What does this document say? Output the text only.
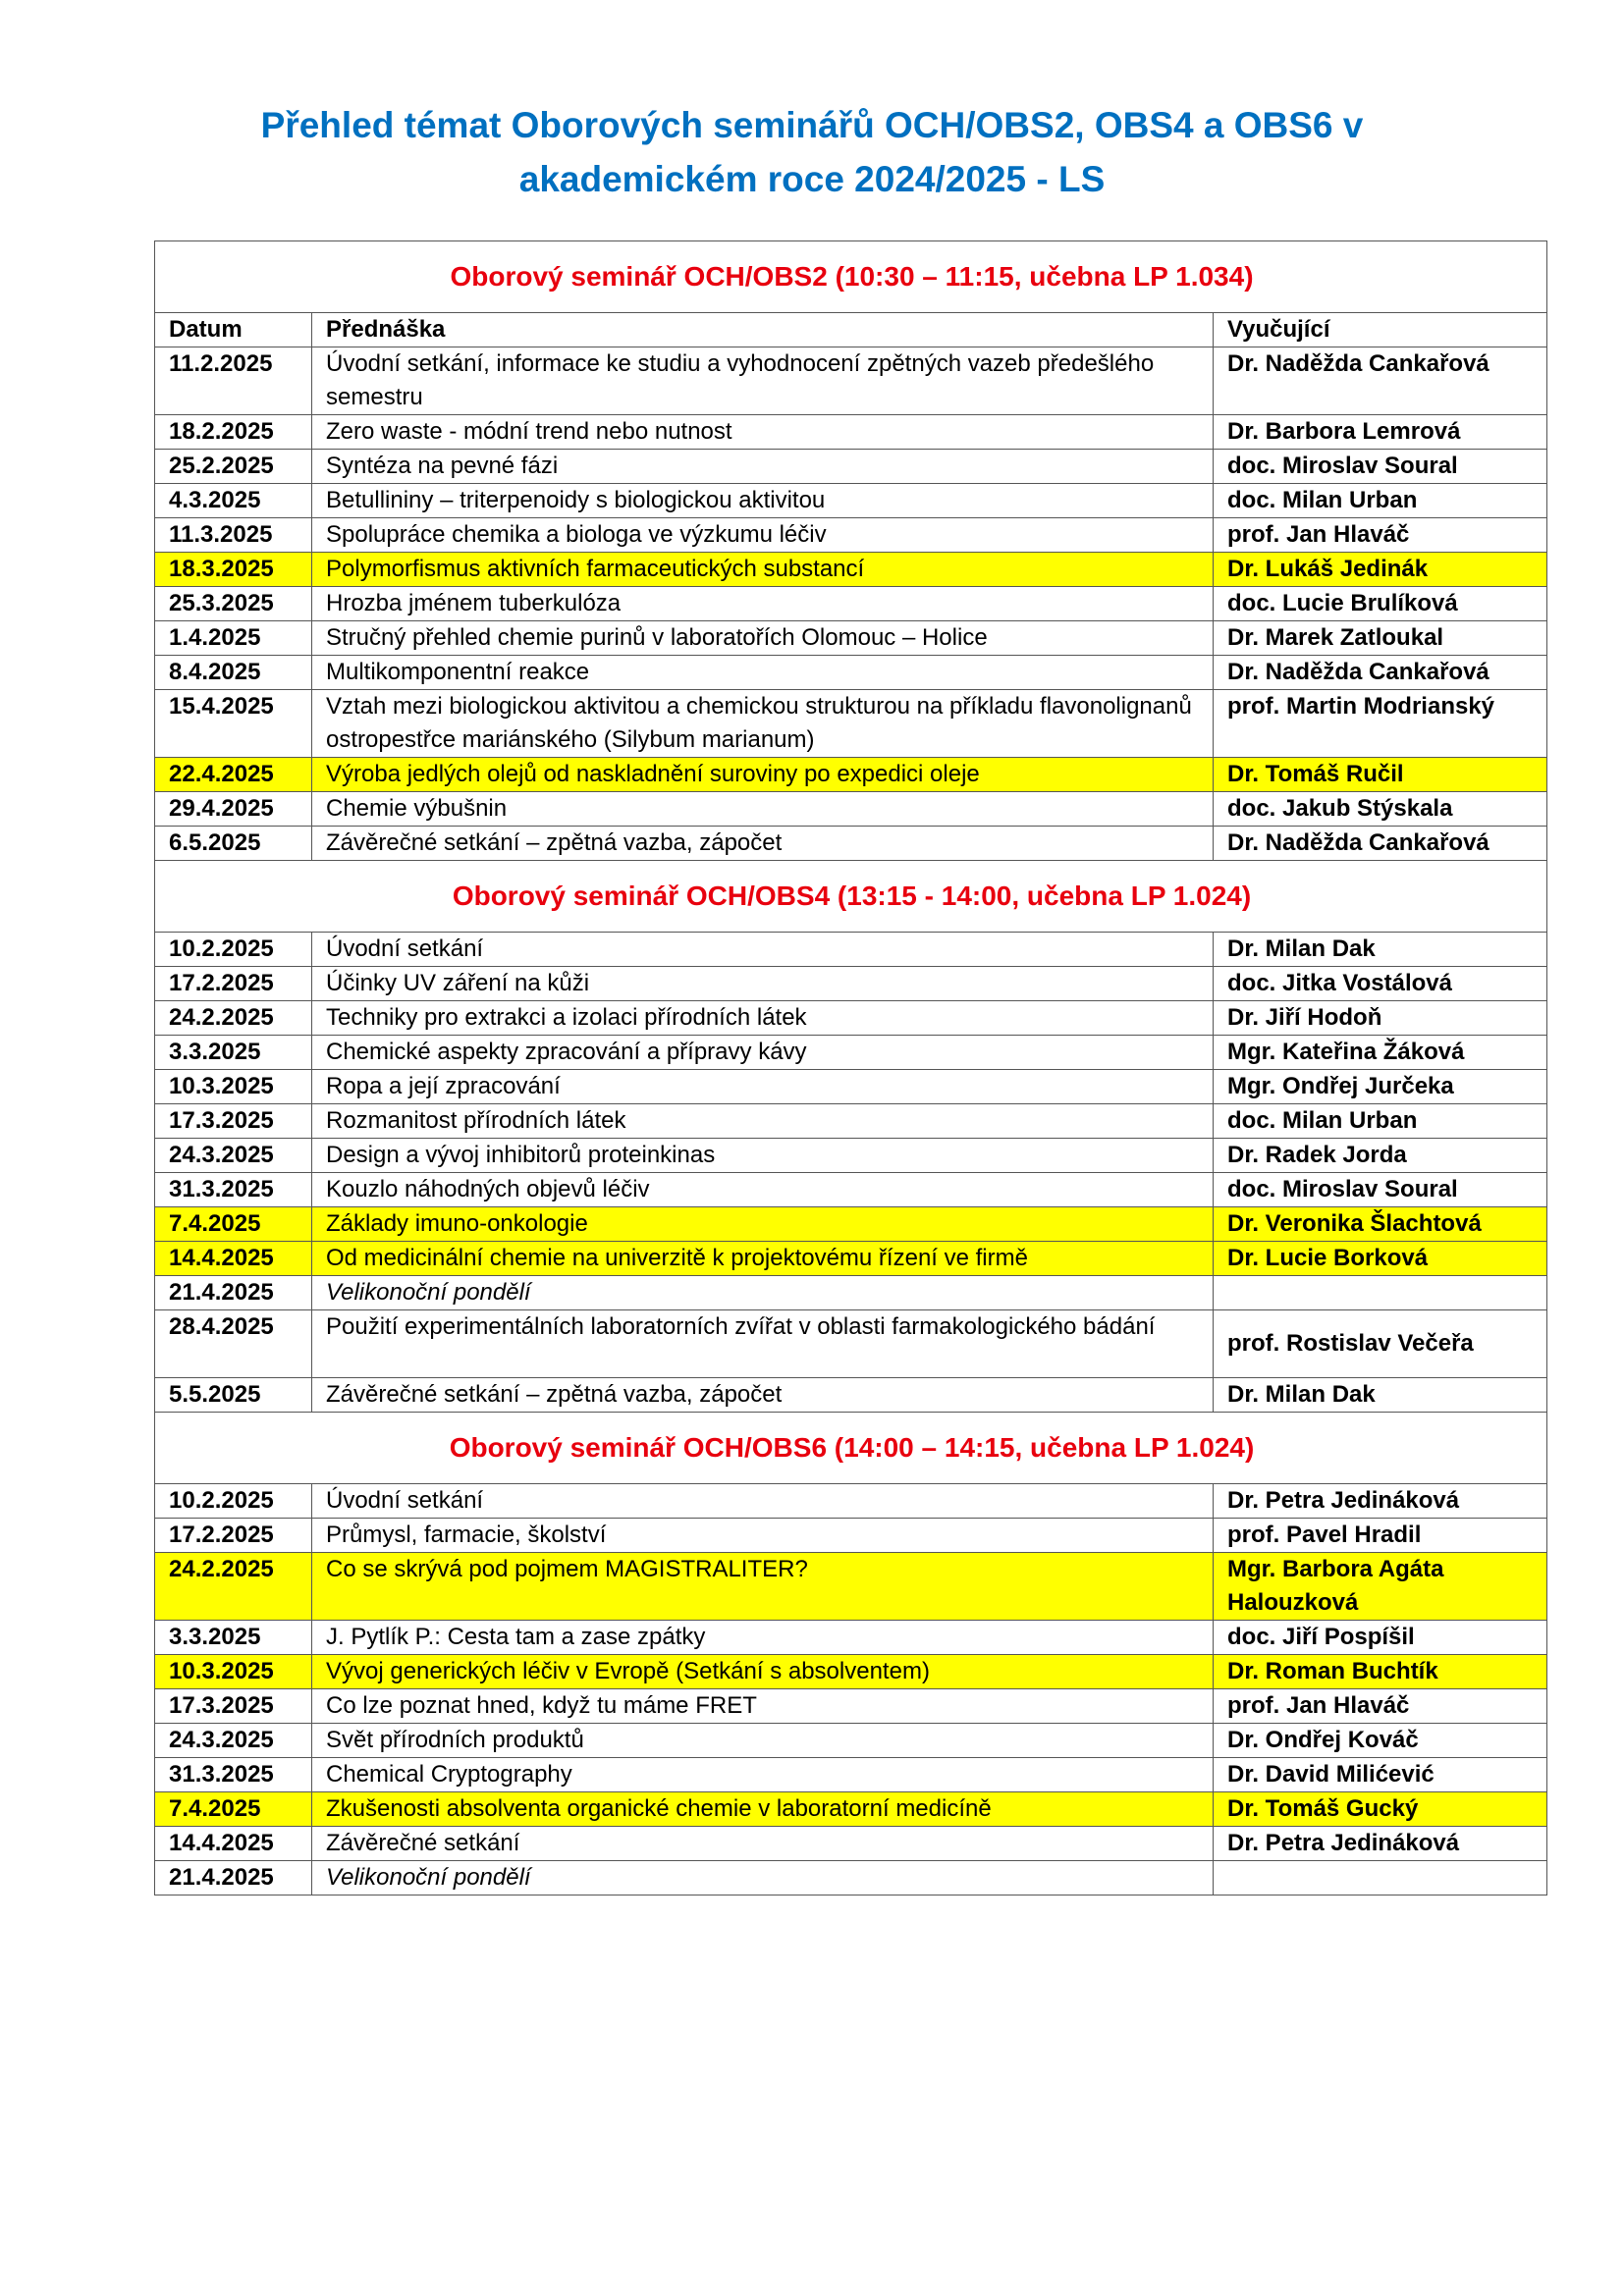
Přehled témat Oborových seminářů OCH/OBS2, OBS4 a OBS6 v
akademickém roce 2024/2025 - LS
Oborový seminář OCH/OBS2 (10:30 – 11:15, učebna LP 1.034)		
Datum	Přednáška	Vyučující
11.2.2025	Úvodní setkání, informace ke studiu a vyhodnocení zpětných vazeb předešlého semestru	Dr. Naděžda Cankařová
18.2.2025	Zero waste - módní trend nebo nutnost	Dr. Barbora Lemrová
25.2.2025	Syntéza na pevné fázi	doc. Miroslav Soural
4.3.2025	Betullininy – triterpenoidy s biologickou aktivitou	doc. Milan Urban
11.3.2025	Spolupráce chemika a biologa ve výzkumu léčiv	prof. Jan Hlaváč
18.3.2025	Polymorfismus aktivních farmaceutických substancí	Dr. Lukáš Jedinák
25.3.2025	Hrozba jménem tuberkulóza	doc. Lucie Brulíková
1.4.2025	Stručný přehled chemie purinů v laboratořích Olomouc – Holice	Dr. Marek Zatloukal
8.4.2025	Multikomponentní reakce	Dr. Naděžda Cankařová
15.4.2025	Vztah mezi biologickou aktivitou a chemickou strukturou na příkladu flavonolignanů ostropestřce mariánského (Silybum marianum)	prof. Martin Modrianský
22.4.2025	Výroba jedlých olejů od naskladnění suroviny po expedici oleje	Dr. Tomáš Ručil
29.4.2025	Chemie výbušnin	doc. Jakub Stýskala
6.5.2025	Závěrečné setkání – zpětná vazba, zápočet	Dr. Naděžda Cankařová
Oborový seminář OCH/OBS4 (13:15 - 14:00, učebna LP 1.024)		
10.2.2025	Úvodní setkání	Dr. Milan Dak
17.2.2025	Účinky UV záření na kůži	doc. Jitka Vostálová
24.2.2025	Techniky pro extrakci a izolaci přírodních látek	Dr. Jiří Hodoň
3.3.2025	Chemické aspekty zpracování a přípravy kávy	Mgr. Kateřina Žáková
10.3.2025	Ropa a její zpracování	Mgr. Ondřej Jurčeka
17.3.2025	Rozmanitost přírodních látek	doc. Milan Urban
24.3.2025	Design a vývoj inhibitorů proteinkinas	Dr. Radek Jorda
31.3.2025	Kouzlo náhodných objevů léčiv	doc. Miroslav Soural
7.4.2025	Základy imuno-onkologie	Dr. Veronika Šlachtová
14.4.2025	Od medicinální chemie na univerzitě k projektovému řízení ve firmě	Dr. Lucie Borková
21.4.2025	Velikonoční pondělí	
28.4.2025	Použití experimentálních laboratorních zvířat v oblasti farmakologického bádání	prof. Rostislav Večeřa
5.5.2025	Závěrečné setkání – zpětná vazba, zápočet	Dr. Milan Dak
Oborový seminář OCH/OBS6 (14:00 – 14:15, učebna LP 1.024)		
10.2.2025	Úvodní setkání	Dr. Petra Jedináková
17.2.2025	Průmysl, farmacie, školství	prof. Pavel Hradil
24.2.2025	Co se skrývá pod pojmem MAGISTRALITER?	Mgr. Barbora Agáta Halouzková
3.3.2025	J. Pytlík P.: Cesta tam a zase zpátky	doc. Jiří Pospíšil
10.3.2025	Vývoj generických léčiv v Evropě (Setkání s absolventem)	Dr. Roman Buchtík
17.3.2025	Co lze poznat hned, když tu máme FRET	prof. Jan Hlaváč
24.3.2025	Svět přírodních produktů	Dr. Ondřej Kováč
31.3.2025	Chemical Cryptography	Dr. David Milićević
7.4.2025	Zkušenosti absolventa organické chemie v laboratorní medicíně	Dr. Tomáš Gucký
14.4.2025	Závěrečné setkání	Dr. Petra Jedináková
21.4.2025	Velikonoční pondělí	
